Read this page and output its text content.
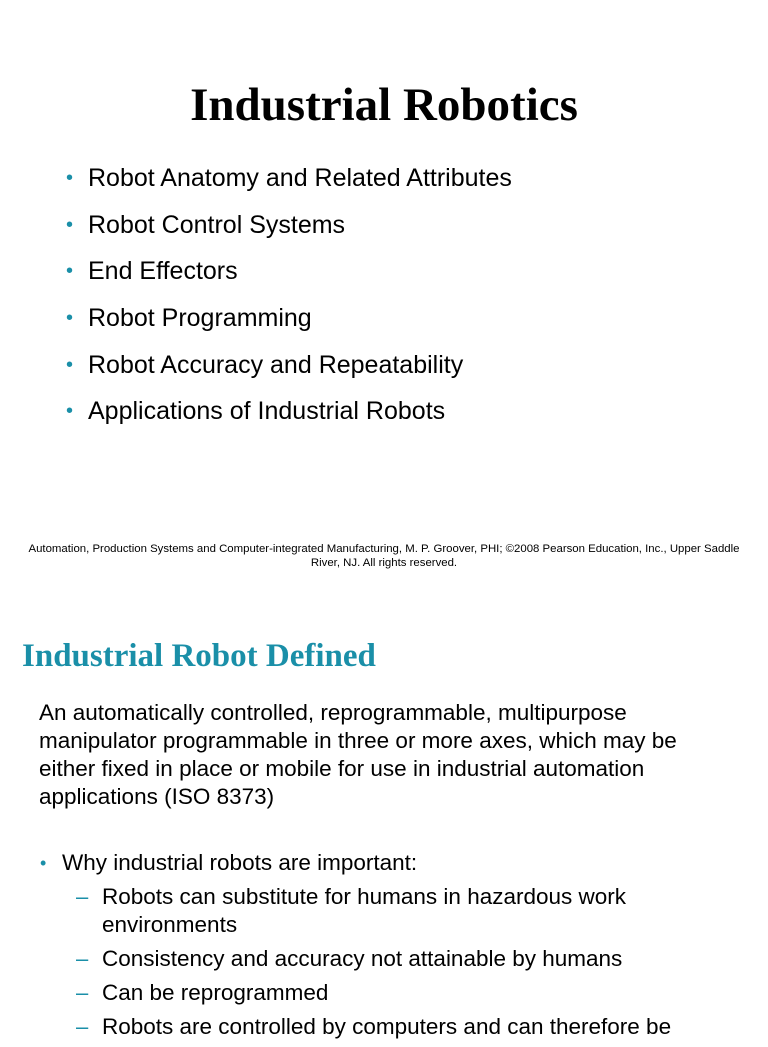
Industrial Robotics
• Robot Anatomy and Related Attributes
• Robot Control Systems
• End Effectors
• Robot Programming
• Robot Accuracy and Repeatability
• Applications of Industrial Robots
Automation, Production Systems and Computer-integrated Manufacturing, M. P. Groover, PHI; ©2008 Pearson Education, Inc., Upper Saddle River, NJ. All rights reserved.
Industrial Robot Defined

An automatically controlled, reprogrammable, multipurpose manipulator programmable in three or more axes, which may be either fixed in place or mobile for use in industrial automation applications (ISO 8373)

• Why industrial robots are important:
– Robots can substitute for humans in hazardous work environments
– Consistency and accuracy not attainable by humans
– Can be reprogrammed
– Robots are controlled by computers and can therefore be
